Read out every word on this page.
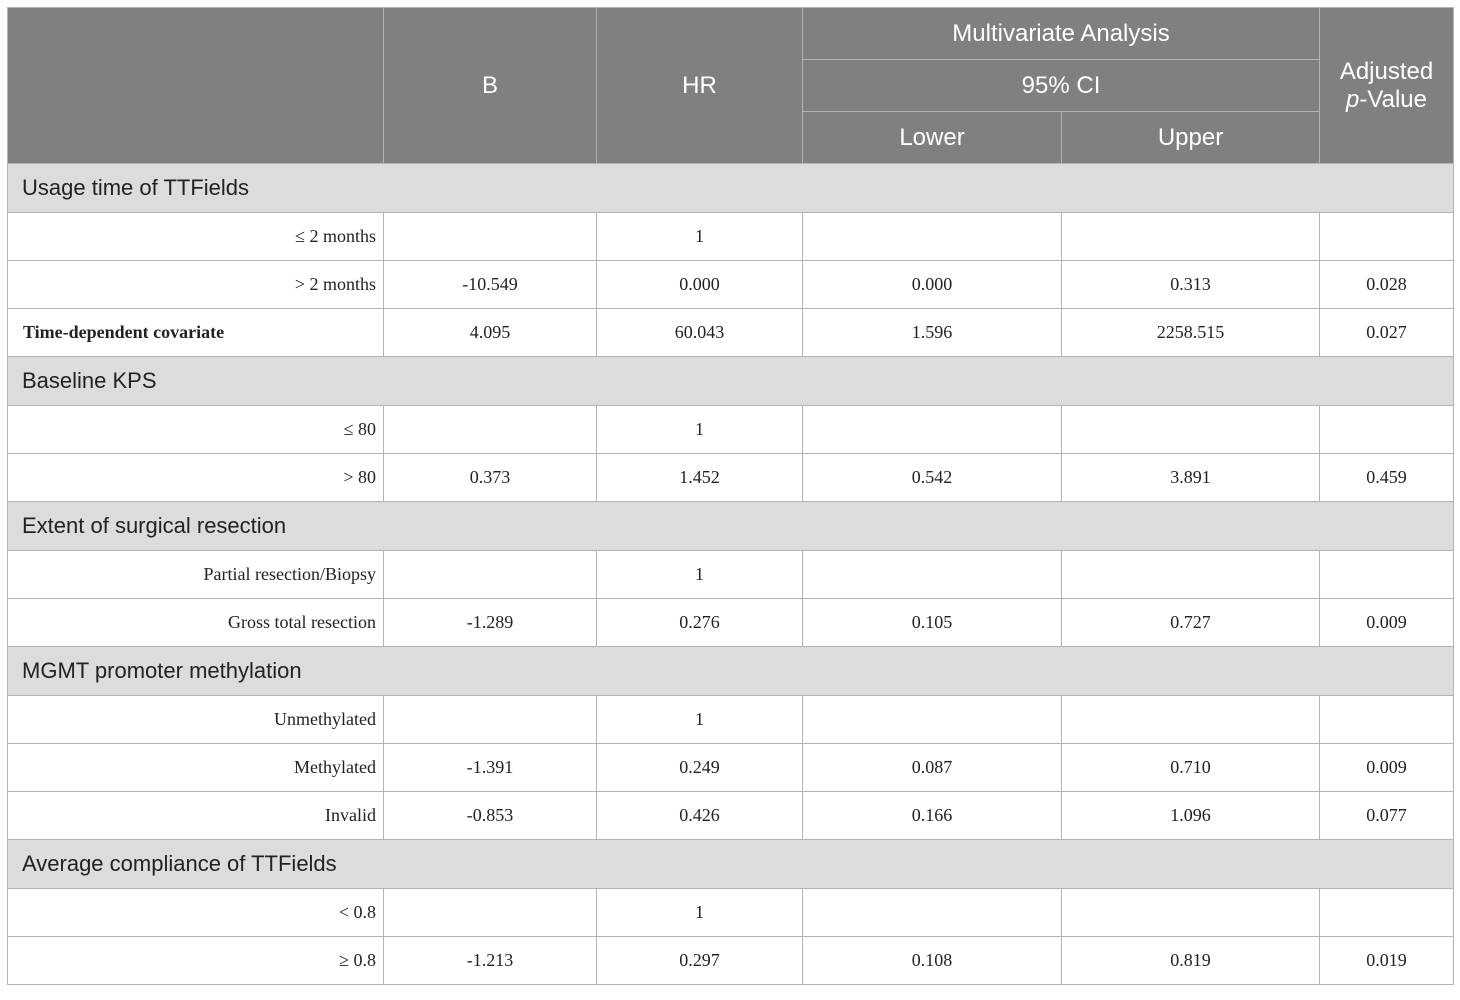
	B	HR	Multivariate Analysis		Adjusted
p-Value
			95% CI		
			Lower	Upper	
Usage time of TTFields					
≤ 2 months		1			
> 2 months	-10.549	0.000	0.000	0.313	0.028
Time-dependent covariate	4.095	60.043	1.596	2258.515	0.027
Baseline KPS					
≤ 80		1			
> 80	0.373	1.452	0.542	3.891	0.459
Extent of surgical resection					
Partial resection/Biopsy		1			
Gross total resection	-1.289	0.276	0.105	0.727	0.009
MGMT promoter methylation					
Unmethylated		1			
Methylated	-1.391	0.249	0.087	0.710	0.009
Invalid	-0.853	0.426	0.166	1.096	0.077
Average compliance of TTFields					
< 0.8		1			
≥ 0.8	-1.213	0.297	0.108	0.819	0.019
